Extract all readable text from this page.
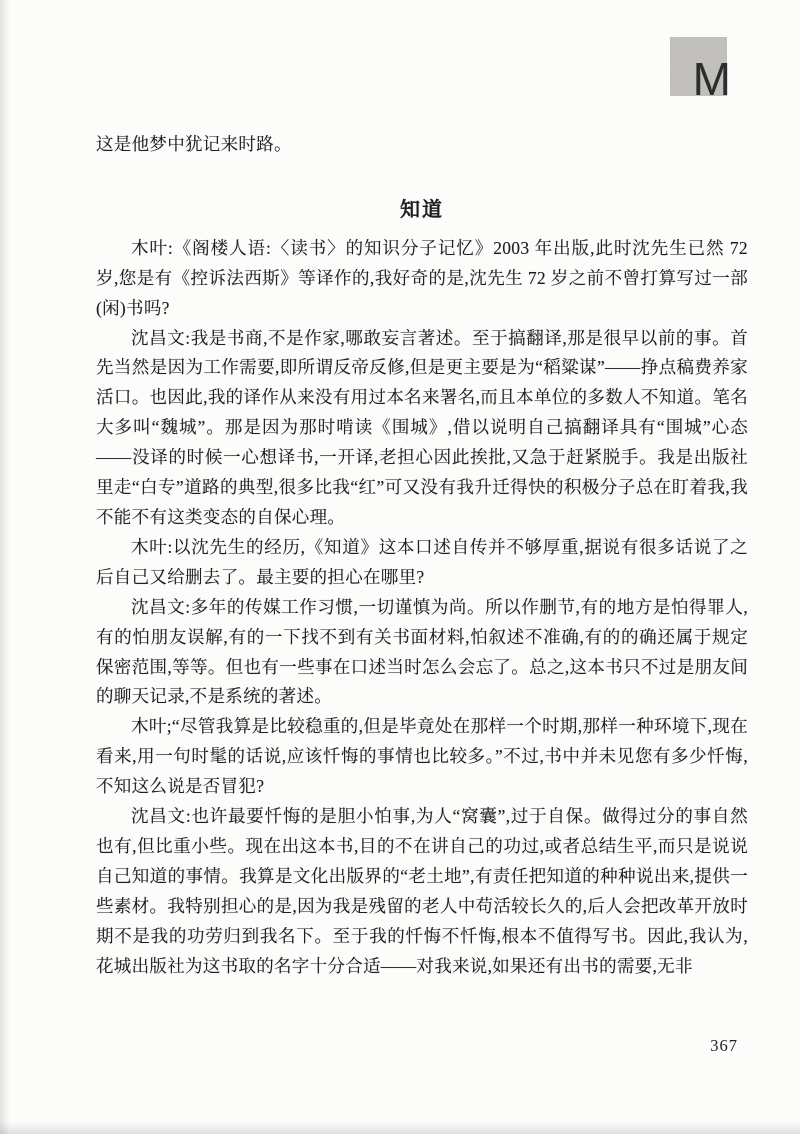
M

这是他梦中犹记来时路。

知道

木叶:《阁楼人语:〈读书〉的知识分子记忆》2003 年出版,此时沈先生已然 72 岁,您是有《控诉法西斯》等译作的,我好奇的是,沈先生 72 岁之前不曾打算写过一部(闲)书吗?

沈昌文:我是书商,不是作家,哪敢妄言著述。至于搞翻译,那是很早以前的事。首先当然是因为工作需要,即所谓反帝反修,但是更主要是为“稻粱谋”——挣点稿费养家活口。也因此,我的译作从来没有用过本名来署名,而且本单位的多数人不知道。笔名大多叫“魏城”。那是因为那时啃读《围城》,借以说明自己搞翻译具有“围城”心态——没译的时候一心想译书,一开译,老担心因此挨批,又急于赶紧脱手。我是出版社里走“白专”道路的典型,很多比我“红”可又没有我升迁得快的积极分子总在盯着我,我不能不有这类变态的自保心理。

木叶:以沈先生的经历,《知道》这本口述自传并不够厚重,据说有很多话说了之后自己又给删去了。最主要的担心在哪里?

沈昌文:多年的传媒工作习惯,一切谨慎为尚。所以作删节,有的地方是怕得罪人,有的怕朋友误解,有的一下找不到有关书面材料,怕叙述不准确,有的的确还属于规定保密范围,等等。但也有一些事在口述当时怎么会忘了。总之,这本书只不过是朋友间的聊天记录,不是系统的著述。

木叶;“尽管我算是比较稳重的,但是毕竟处在那样一个时期,那样一种环境下,现在看来,用一句时髦的话说,应该忏悔的事情也比较多。”不过,书中并未见您有多少忏悔,不知这么说是否冒犯?

沈昌文:也许最要忏悔的是胆小怕事,为人“窝囊”,过于自保。做得过分的事自然也有,但比重小些。现在出这本书,目的不在讲自己的功过,或者总结生平,而只是说说自己知道的事情。我算是文化出版界的“老土地”,有责任把知道的种种说出来,提供一些素材。我特别担心的是,因为我是残留的老人中苟活较长久的,后人会把改革开放时期不是我的功劳归到我名下。至于我的忏悔不忏悔,根本不值得写书。因此,我认为,花城出版社为这书取的名字十分合适——对我来说,如果还有出书的需要,无非

367
